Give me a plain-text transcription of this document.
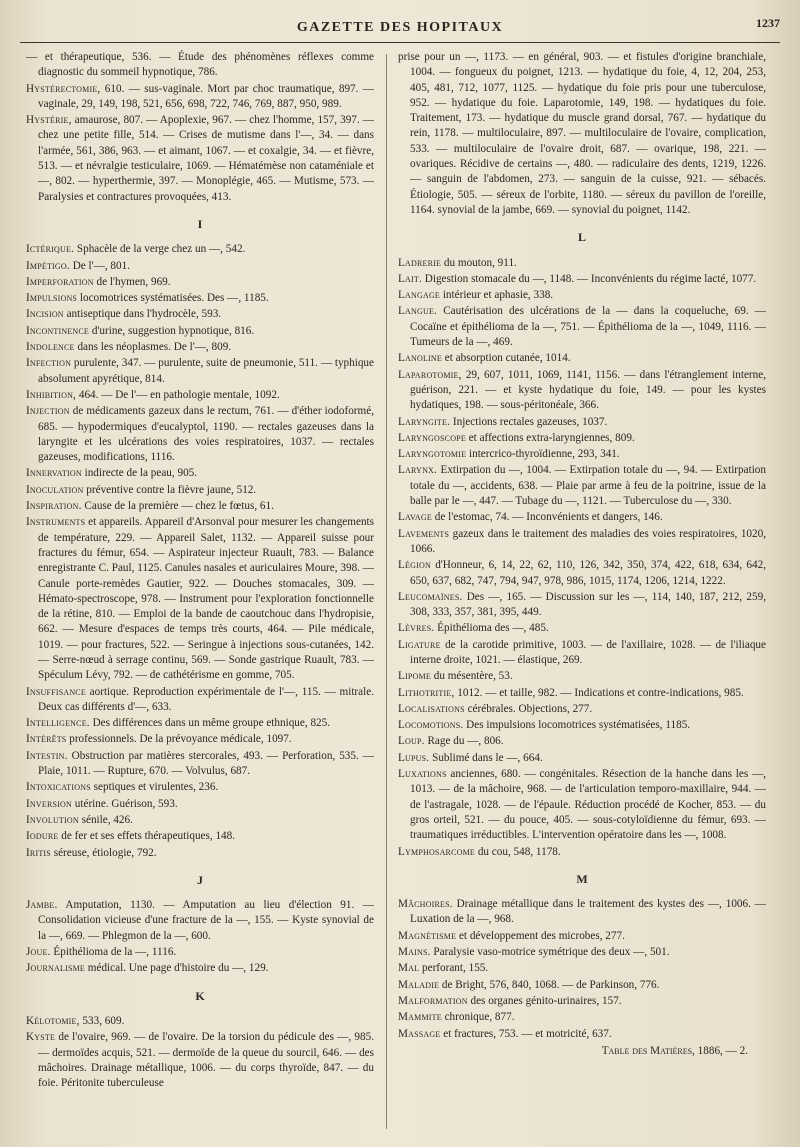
GAZETTE DES HOPITAUX	1237
— et thérapeutique, 536. — Étude des phénomènes réflexes comme diagnostic du sommeil hypnotique, 786.
Hystérectomie, 610. — sus-vaginale. Mort par choc traumatique, 897. — vaginale, 29, 149, 198, 521, 656, 698, 722, 746, 769, 887, 950, 989.
Hystérie, amaurose, 807. — Apoplexie, 967. — chez l'homme, 157, 397. — chez une petite fille, 514. — Crises de mutisme dans l'—, 34. — dans l'armée, 561, 386, 963. — et aimant, 1067. — et coxalgie, 34. — et fièvre, 513. — et névralgie testiculaire, 1069. — Hématémèse non cataméniale et —, 802. — hyperthermie, 397. — Monoplégie, 465. — Mutisme, 573. — Paralysies et contractures provoquées, 413.
I
Ictérique. Sphacèle de la verge chez un —, 542.
Impétigo. De l'—, 801.
Imperforation de l'hymen, 969.
Impulsions locomotrices systématisées. Des —, 1185.
Incision antiseptique dans l'hydrocèle, 593.
Incontinence d'urine, suggestion hypnotique, 816.
Indolence dans les néoplasmes. De l'—, 809.
Infection purulente, 347. — purulente, suite de pneumonie, 511. — typhique absolument apyrétique, 814.
Inhibition, 464. — De l'— en pathologie mentale, 1092.
Injection de médicaments gazeux dans le rectum, 761. — d'éther iodoformé, 685. — hypodermiques d'eucalyptol, 1190. — rectales gazeuses dans la laryngite et les ulcérations des voies respiratoires, 1037. — rectales gazeuses, modifications, 1116.
Innervation indirecte de la peau, 905.
Inoculation préventive contre la fièvre jaune, 512.
Inspiration. Cause de la première — chez le fœtus, 61.
Instruments et appareils. Appareil d'Arsonval pour mesurer les changements de température, 229. — Appareil Salet, 1132. — Appareil suisse pour fractures du fémur, 654. — Aspirateur injecteur Ruault, 783. — Balance enregistrante C. Paul, 1125. Canules nasales et auriculaires Moure, 398. — Canule porte-remèdes Gautier, 922. — Douches stomacales, 309. — Hémato-spectroscope, 978. — Instrument pour l'exploration fonctionnelle de la rétine, 810. — Emploi de la bande de caoutchouc dans l'hydropisie, 662. — Mesure d'espaces de temps très courts, 464. — Pile médicale, 1019. — pour fractures, 522. — Seringue à injections sous-cutanées, 142. — Serre-nœud à serrage continu, 569. — Sonde gastrique Ruault, 783. — Spéculum Lévy, 792. — de cathétérisme en gomme, 705.
Insuffisance aortique. Reproduction expérimentale de l'—, 115. — mitrale. Deux cas différents d'—, 633.
Intelligence. Des différences dans un même groupe ethnique, 825.
Intérêts professionnels. De la prévoyance médicale, 1097.
Intestin. Obstruction par matières stercorales, 493. — Perforation, 535. — Plaie, 1011. — Rupture, 670. — Volvulus, 687.
Intoxications septiques et virulentes, 236.
Inversion utérine. Guérison, 593.
Involution sénile, 426.
Iodure de fer et ses effets thérapeutiques, 148.
Iritis séreuse, étiologie, 792.
J
Jambe. Amputation, 1130. — Amputation au lieu d'élection 91. — Consolidation vicieuse d'une fracture de la —, 155. — Kyste synovial de la —, 669. — Phlegmon de la —, 600.
Joue. Épithélioma de la —, 1116.
Journalisme médical. Une page d'histoire du —, 129.
K
Kélotomie, 533, 609.
Kyste de l'ovaire, 969. — de l'ovaire. De la torsion du pédicule des —, 985. — dermoïdes acquis, 521. — dermoïde de la queue du sourcil, 646. — des mâchoires. Drainage métallique, 1006. — du corps thyroïde, 847. — du foie. Péritonite tuberculeuse
prise pour un —, 1173. — en général, 903. — et fistules d'origine branchiale, 1004. — fongueux du poignet, 1213. — hydatique du foie, 4, 12, 204, 253, 405, 481, 712, 1077, 1125. — hydatique du foie pris pour une tuberculose, 952. — hydatique du foie. Laparotomie, 149, 198. — hydatiques du foie. Traitement, 173. — hydatique du muscle grand dorsal, 767. — hydatique du rein, 1178. — multiloculaire, 897. — multiloculaire de l'ovaire, complication, 533. — multiloculaire de l'ovaire droit, 687. — ovarique, 198, 221. — ovariques. Récidive de certains —, 480. — radiculaire des dents, 1219, 1226. — sanguin de l'abdomen, 273. — sanguin de la cuisse, 921. — sébacés. Étiologie, 505. — séreux de l'orbite, 1180. — séreux du pavillon de l'oreille, 1164. synovial de la jambe, 669. — synovial du poignet, 1142.
L
Ladrerie du mouton, 911.
Lait. Digestion stomacale du —, 1148. — Inconvénients du régime lacté, 1077.
Langage intérieur et aphasie, 338.
Langue. Cautérisation des ulcérations de la — dans la coqueluche, 69. — Cocaïne et épithélioma de la —, 751. — Épithélioma de la —, 1049, 1116. — Tumeurs de la —, 469.
Lanoline et absorption cutanée, 1014.
Laparotomie, 29, 607, 1011, 1069, 1141, 1156. — dans l'étranglement interne, guérison, 221. — et kyste hydatique du foie, 149. — pour les kystes hydatiques, 198. — sous-péritonéale, 366.
Laryngite. Injections rectales gazeuses, 1037.
Laryngoscope et affections extra-laryngiennes, 809.
Laryngotomie intercrico-thyroïdienne, 293, 341.
Larynx. Extirpation du —, 1004. — Extirpation totale du —, 94. — Extirpation totale du —, accidents, 638. — Plaie par arme à feu de la poitrine, issue de la balle par le —, 447. — Tubage du —, 1121. — Tuberculose du —, 330.
Lavage de l'estomac, 74. — Inconvénients et dangers, 146.
Lavements gazeux dans le traitement des maladies des voies respiratoires, 1020, 1066.
Légion d'Honneur, 6, 14, 22, 62, 110, 126, 342, 350, 374, 422, 618, 634, 642, 650, 637, 682, 747, 794, 947, 978, 986, 1015, 1174, 1206, 1214, 1222.
Leucomaïnes. Des —, 165. — Discussion sur les —, 114, 140, 187, 212, 259, 308, 333, 357, 381, 395, 449.
Lèvres. Épithélioma des —, 485.
Ligature de la carotide primitive, 1003. — de l'axillaire, 1028. — de l'iliaque interne droite, 1021. — élastique, 269.
Lipome du mésentère, 53.
Lithotritie, 1012. — et taille, 982. — Indications et contre-indications, 985.
Localisations cérébrales. Objections, 277.
Locomotions. Des impulsions locomotrices systématisées, 1185.
Loup. Rage du —, 806.
Lupus. Sublimé dans le —, 664.
Luxations anciennes, 680. — congénitales. Résection de la hanche dans les —, 1013. — de la mâchoire, 968. — de l'articulation temporo-maxillaire, 944. — de l'astragale, 1028. — de l'épaule. Réduction procédé de Kocher, 853. — du gros orteil, 521. — du pouce, 405. — sous-cotyloïdienne du fémur, 693. — traumatiques irréductibles. L'intervention opératoire dans les —, 1008.
Lymphosarcome du cou, 548, 1178.
M
Mâchoires. Drainage métallique dans le traitement des kystes des —, 1006. — Luxation de la —, 968.
Magnétisme et développement des microbes, 277.
Mains. Paralysie vaso-motrice symétrique des deux —, 501.
Mal perforant, 155.
Maladie de Bright, 576, 840, 1068. — de Parkinson, 776.
Malformation des organes génito-urinaires, 157.
Mammite chronique, 877.
Massage et fractures, 753. — et motricité, 637.
Table des Matières, 1886, — 2.
